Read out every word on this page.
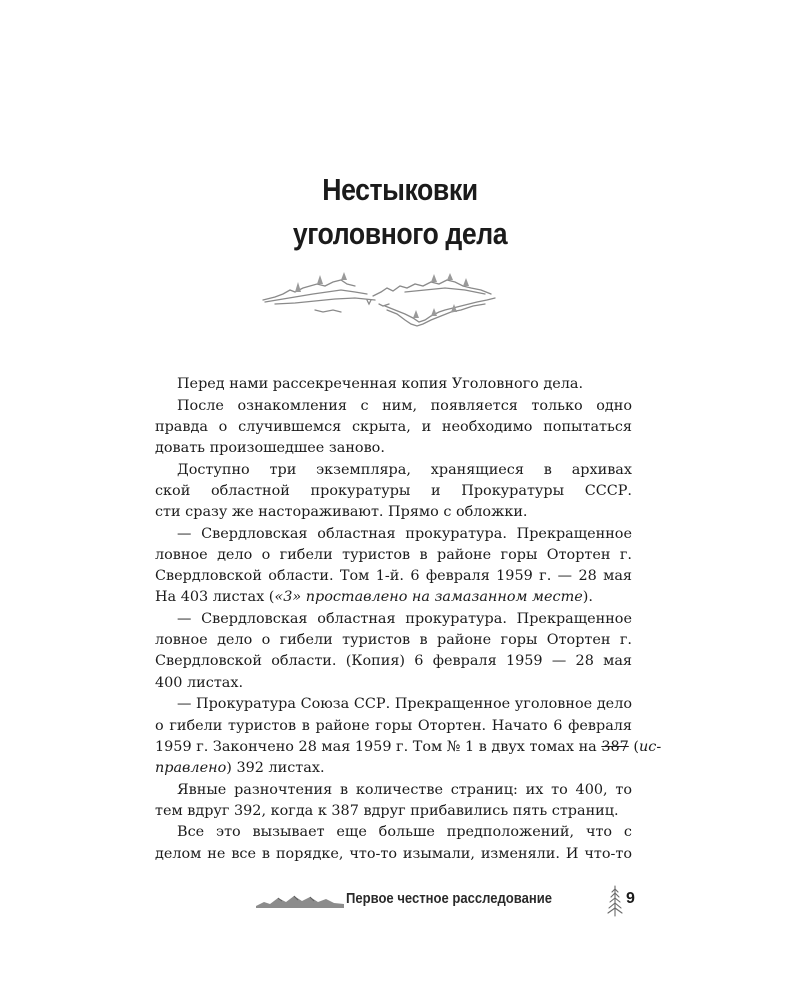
Нестыковки
уголовного дела
Перед нами рассекреченная копия Уголовного дела.
После ознакомления с ним, появляется только одно
правда о случившемся скрыта, и необходимо попытаться
довать произошедшее заново.
Доступно три экземпляра, хранящиеся в архивах
ской областной прокуратуры и Прокуратуры СССР.
сти сразу же настораживают. Прямо с обложки.
— Свердловская областная прокуратура. Прекращенное
ловное дело о гибели туристов в районе горы Отортен г.
Свердловской области. Том 1-й. 6 февраля 1959 г. — 28 мая
На 403 листах («3» проставлено на замазанном месте).
— Свердловская областная прокуратура. Прекращенное
ловное дело о гибели туристов в районе горы Отортен г.
Свердловской области. (Копия) 6 февраля 1959 — 28 мая
400 листах.
— Прокуратура Союза ССР. Прекращенное уголовное дело
о гибели туристов в районе горы Отортен. Начато 6 февраля
1959 г. Закончено 28 мая 1959 г. Том № 1 в двух томах на 387 (ис-
правлено) 392 листах.
Явные разночтения в количестве страниц: их то 400, то
тем вдруг 392, когда к 387 вдруг прибавились пять страниц.
Все это вызывает еще больше предположений, что с
делом не все в порядке, что-то изымали, изменяли. И что-то
Первое честное расследование	9
